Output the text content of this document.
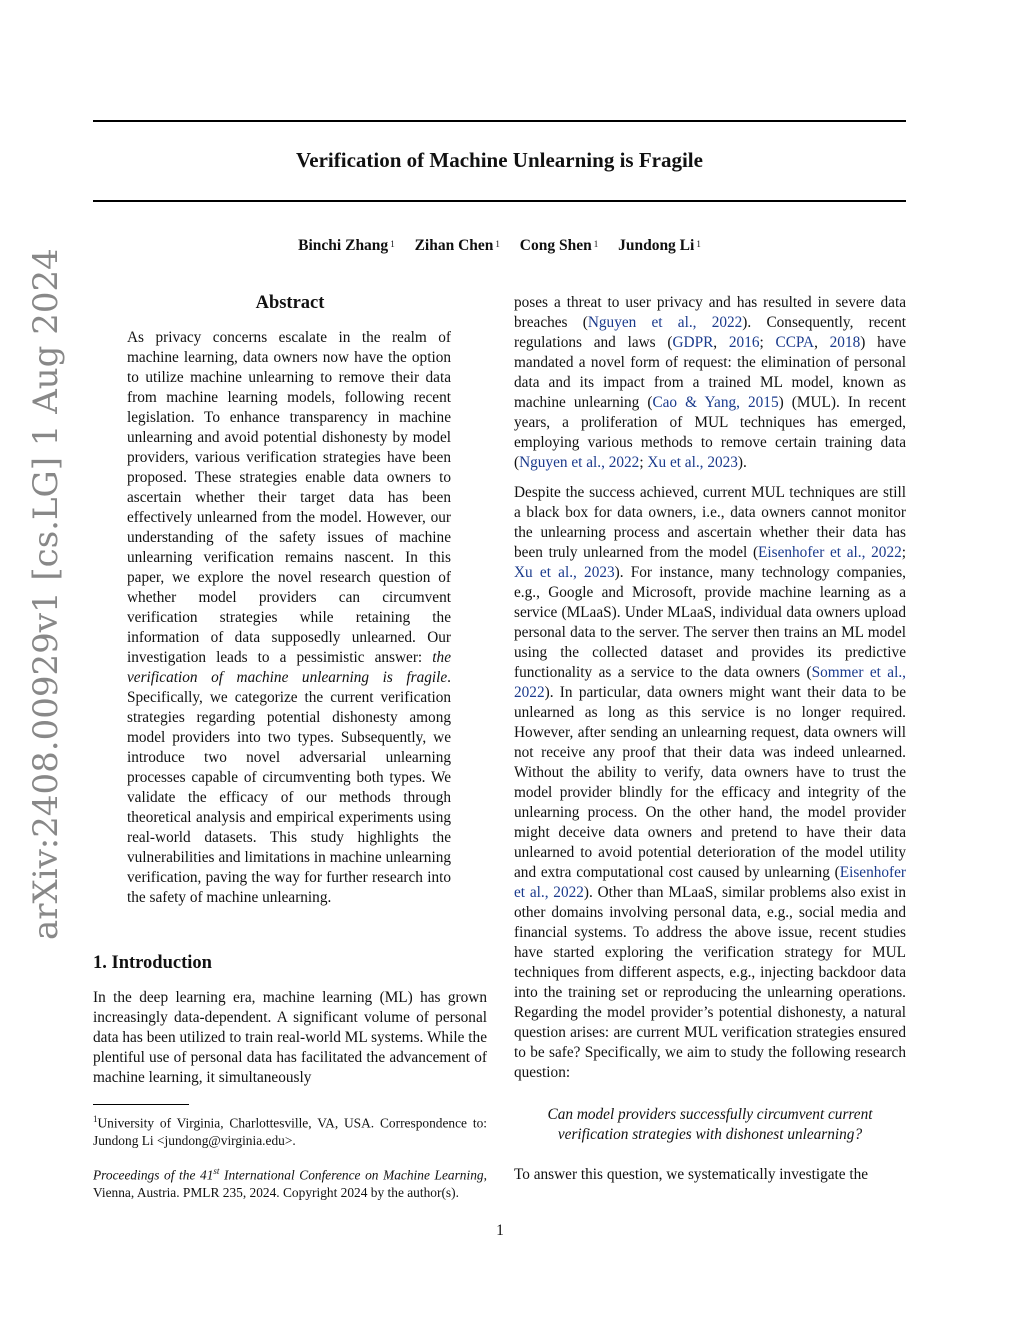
Verification of Machine Unlearning is Fragile
Binchi Zhang $^1$ Zihan Chen $^1$ Cong Shen $^1$ Jundong Li $^1$
arXiv:2408.00929v1 [cs.LG] 1 Aug 2024	Abstract

As privacy concerns escalate in the realm of machine learning, data owners now have the option to utilize machine unlearning to remove their data from machine learning models, following recent legislation. To enhance transparency in machine unlearning and avoid potential dishonesty by model providers, various verification strategies have been proposed. These strategies enable data owners to ascertain whether their target data has been effectively unlearned from the model. However, our understanding of the safety issues of machine unlearning verification remains nascent. In this paper, we explore the novel research question of whether model providers can circumvent verification strategies while retaining the information of data supposedly unlearned. Our investigation leads to a pessimistic answer: the verification of machine unlearning is fragile. Specifically, we categorize the current verification strategies regarding potential dishonesty among model providers into two types. Subsequently, we introduce two novel adversarial unlearning processes capable of circumventing both types. We validate the efficacy of our methods through theoretical analysis and empirical experiments using real-world datasets. This study highlights the vulnerabilities and limitations in machine unlearning verification, paving the way for further research into the safety of machine unlearning.

1. Introduction

In the deep learning era, machine learning (ML) has grown increasingly data-dependent. A significant volume of personal data has been utilized to train real-world ML systems. While the plentiful use of personal data has facilitated the advancement of machine learning, it simultaneously

$^1$University of Virginia, Charlottesville, VA, USA. Correspondence to: Jundong Li <jundong@virginia.edu>.

Proceedings of the 41st International Conference on Machine Learning, Vienna, Austria. PMLR 235, 2024. Copyright 2024 by the author(s).

poses a threat to user privacy and has resulted in severe data breaches (Nguyen et al., 2022). Consequently, recent regulations and laws (GDPR, 2016; CCPA, 2018) have mandated a novel form of request: the elimination of personal data and its impact from a trained ML model, known as machine unlearning (Cao & Yang, 2015) (MUL). In recent years, a proliferation of MUL techniques has emerged, employing various methods to remove certain training data (Nguyen et al., 2022; Xu et al., 2023).

Despite the success achieved, current MUL techniques are still a black box for data owners, i.e., data owners cannot monitor the unlearning process and ascertain whether their data has been truly unlearned from the model (Eisenhofer et al., 2022; Xu et al., 2023). For instance, many technology companies, e.g., Google and Microsoft, provide machine learning as a service (MLaaS). Under MLaaS, individual data owners upload personal data to the server. The server then trains an ML model using the collected dataset and provides its predictive functionality as a service to the data owners (Sommer et al., 2022). In particular, data owners might want their data to be unlearned as long as this service is no longer required. However, after sending an unlearning request, data owners will not receive any proof that their data was indeed unlearned. Without the ability to verify, data owners have to trust the model provider blindly for the efficacy and integrity of the unlearning process. On the other hand, the model provider might deceive data owners and pretend to have their data unlearned to avoid potential deterioration of the model utility and extra computational cost caused by unlearning (Eisenhofer et al., 2022). Other than MLaaS, similar problems also exist in other domains involving personal data, e.g., social media and financial systems. To address the above issue, recent studies have started exploring the verification strategy for MUL techniques from different aspects, e.g., injecting backdoor data into the training set or reproducing the unlearning operations. Regarding the model provider’s potential dishonesty, a natural question arises: are current MUL verification strategies ensured to be safe? Specifically, we aim to study the following research question:

Can model providers successfully circumvent current verification strategies with dishonest unlearning?

To answer this question, we systematically investigate the

1
